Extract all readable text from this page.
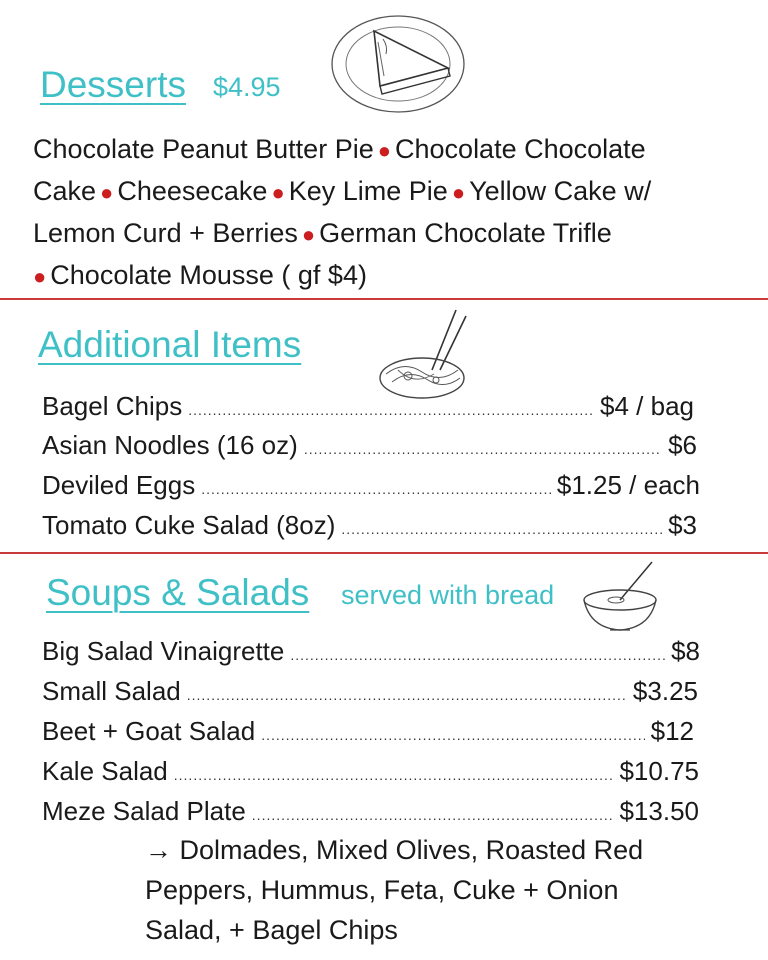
Desserts $4.95
Chocolate Peanut Butter Pie ● Chocolate Chocolate Cake ● Cheesecake ● Key Lime Pie ● Yellow Cake w/ Lemon Curd + Berries ● German Chocolate Trifle
● Chocolate Mousse ( gf $4)
Additional Items
Bagel Chips .....	$4 / bag
Asian Noodles (16 oz) .....	$6
Deviled Eggs .....	$1.25 / each
Tomato Cuke Salad (8oz) .....	$3
Soups & Salads served with bread
Big Salad Vinaigrette .....	$8
Small Salad .....	$3.25
Beet + Goat Salad .....	$12
Kale Salad .....	$10.75
Meze Salad Plate .....	$13.50
→ Dolmades, Mixed Olives, Roasted Red
Peppers, Hummus, Feta, Cuke + Onion
Salad, + Bagel Chips
